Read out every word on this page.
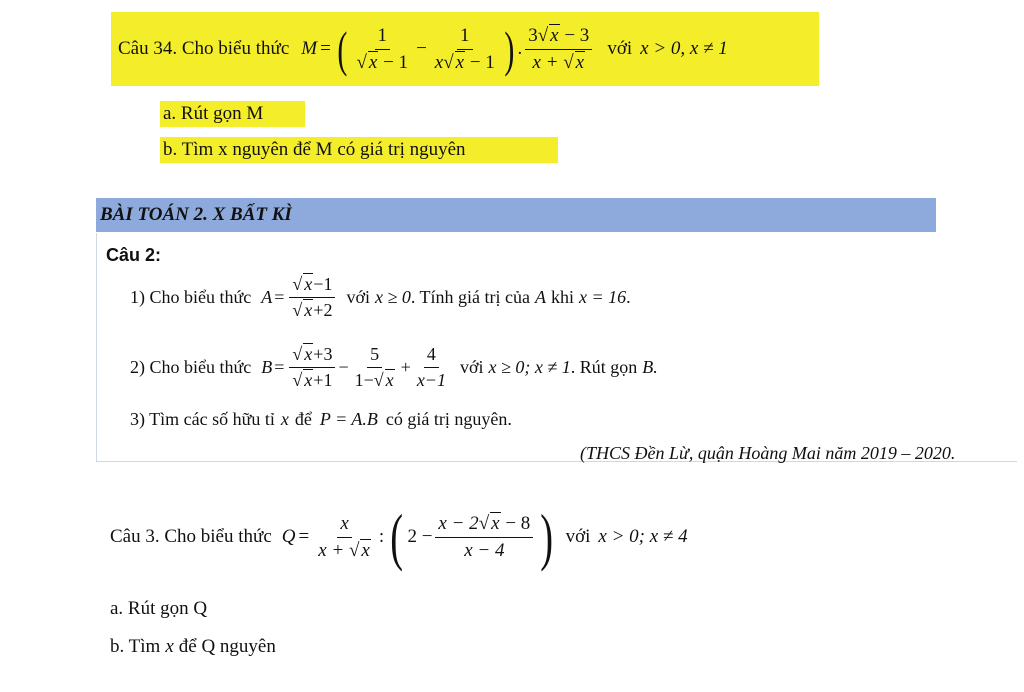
Câu 34. Cho biểu thức M = ( $\frac{1}{√ x - 1} - \frac{1}{x√ x - 1}$ ) . $\frac{3√ x - 3}{x + √ x}$ với x > 0, x ≠ 1
a. Rút gọn M
b. Tìm x nguyên để M có giá trị nguyên
BÀI TOÁN 2. X BẤT KÌ
Câu 2:
1) Cho biểu thức $A = \frac{√ x-1}{√ x+2}$ với x ≥ 0 . Tính giá trị của A khi x = 16 .
2) Cho biểu thức $B = \frac{√ x+3}{√ x+1} - \frac{5}{1-√ x} + \frac{4}{x-1}$ với x ≥ 0; x ≠ 1 . Rút gọn B.
3) Tìm các số hữu tỉ x để P = A.B có giá trị nguyên.
(THCS Đền Lừ, quận Hoàng Mai năm 2019 – 2020.
Câu 3. Cho biểu thức $Q = \frac{x}{x + √ x}$ : ( $2 - \frac{x - 2√ x - 8}{x - 4}$ ) với x > 0; x ≠ 4
a. Rút gọn Q
b. Tìm x để Q nguyên
